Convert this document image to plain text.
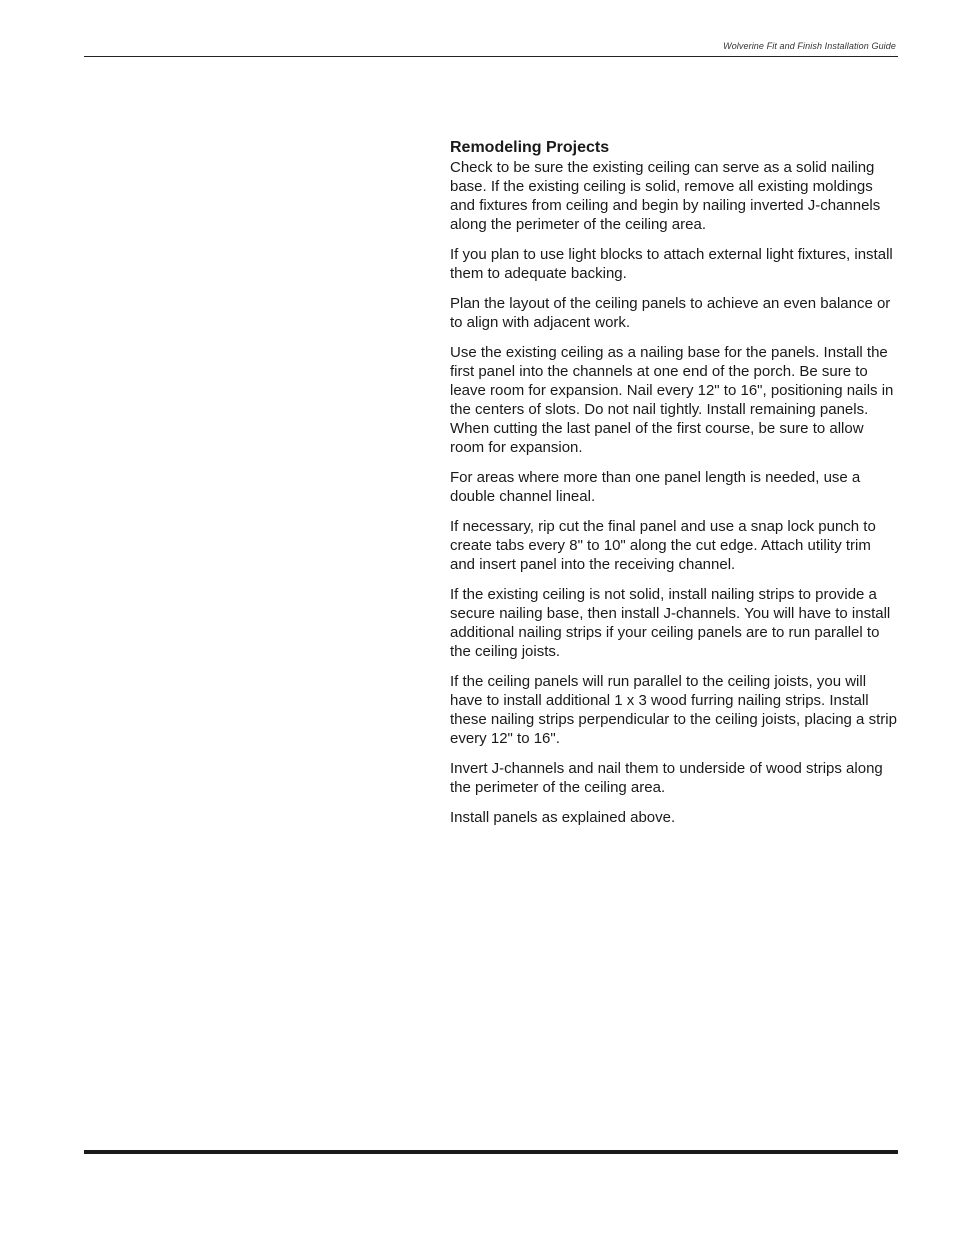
Wolverine Fit and Finish Installation Guide
Remodeling Projects

Check to be sure the existing ceiling can serve as a solid nailing base. If the existing ceiling is solid, remove all existing moldings and fixtures from ceiling and begin by nailing inverted J-channels along the perimeter of the ceiling area.

If you plan to use light blocks to attach external light fixtures, install them to adequate backing.

Plan the layout of the ceiling panels to achieve an even balance or to align with adjacent work.

Use the existing ceiling as a nailing base for the panels. Install the first panel into the channels at one end of the porch. Be sure to leave room for expansion. Nail every 12" to 16", positioning nails in the centers of slots. Do not nail tightly. Install remaining panels. When cutting the last panel of the first course, be sure to allow room for expansion.

For areas where more than one panel length is needed, use a double channel lineal.

If necessary, rip cut the final panel and use a snap lock punch to create tabs every 8" to 10" along the cut edge. Attach utility trim and insert panel into the receiving channel.

If the existing ceiling is not solid, install nailing strips to provide a secure nailing base, then install J-channels. You will have to install additional nailing strips if your ceiling panels are to run parallel to the ceiling joists.

If the ceiling panels will run parallel to the ceiling joists, you will have to install additional 1 x 3 wood furring nailing strips. Install these nailing strips perpendicular to the ceiling joists, placing a strip every 12" to 16".

Invert J-channels and nail them to underside of wood strips along the perimeter of the ceiling area.

Install panels as explained above.
